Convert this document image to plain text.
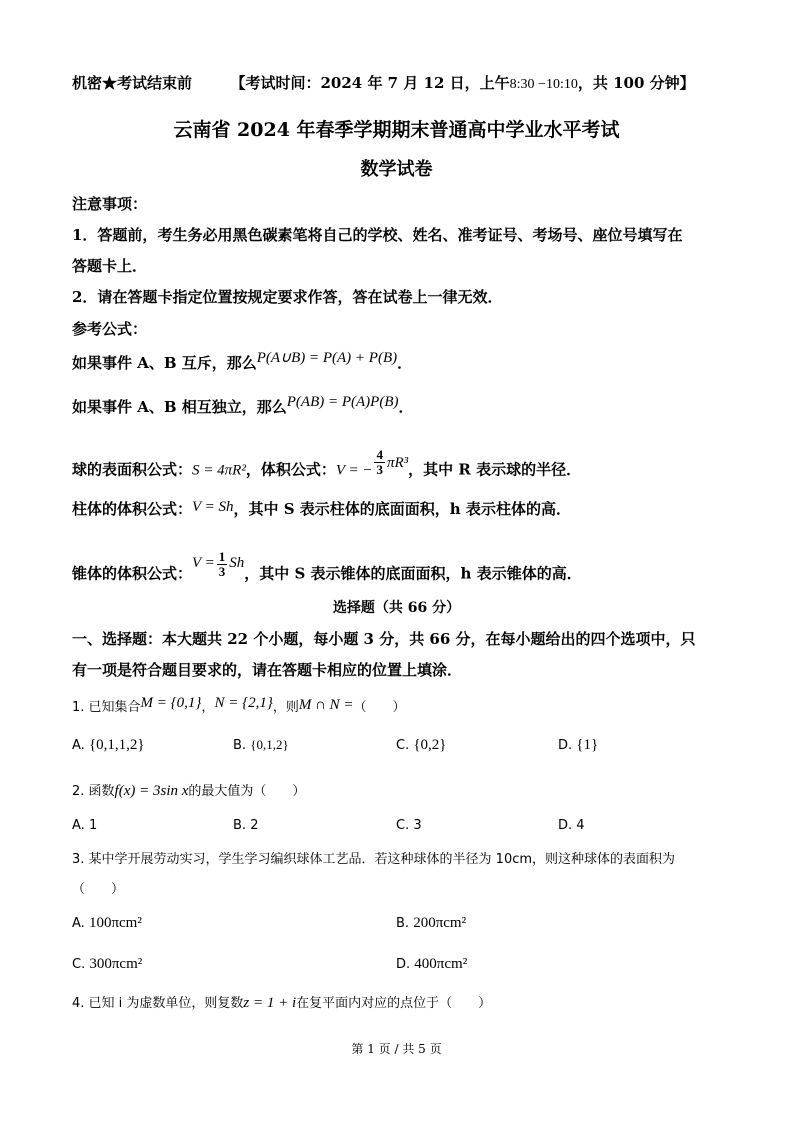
机密★考试结束前	【考试时间：2024 年 7 月 12 日，上午8:30 −10:10，共 100 分钟】
云南省 2024 年春季学期期末普通高中学业水平考试
数学试卷
注意事项：
1．答题前，考生务必用黑色碳素笔将自己的学校、姓名、准考证号、考场号、座位号填写在
答题卡上．
2．请在答题卡指定位置按规定要求作答，答在试卷上一律无效．
参考公式：
如果事件 A、B 互斥，那么P(A∪B) = P(A) + P(B)．
如果事件 A、B 相互独立，那么P(AB) = P(A)P(B)．
球的表面积公式：S = 4πR²，体积公式：V = − $\frac{4}{3} \pi R^3$，其中 R 表示球的半径．
柱体的体积公式：V = Sh，其中 S 表示柱体的底面面积，h 表示柱体的高．
锥体的体积公式：$V = \frac{1}{3}$ Sh，其中 S 表示锥体的底面面积，h 表示锥体的高．
选择题（共 66 分）
一、选择题：本大题共 22 个小题，每小题 3 分，共 66 分，在每小题给出的四个选项中，只
有一项是符合题目要求的，请在答题卡相应的位置上填涂．
1. 已知集合M = {0,1}，N = {2,1}，则M ∩ N =（　　）
A. {0,1,1,2}	B. {0,1,2}	C. {0,2}	D. {1}
2. 函数f(x) = 3sin x的最大值为（　　）
A. 1	B. 2	C. 3	D. 4
3. 某中学开展劳动实习，学生学习编织球体工艺品．若这种球体的半径为 10cm，则这种球体的表面积为
（　　）
A. 100πcm²	B. 200πcm²
C. 300πcm²	D. 400πcm²
4. 已知 i 为虚数单位，则复数z = 1 + i在复平面内对应的点位于（　　）
第 1 页 / 共 5 页
